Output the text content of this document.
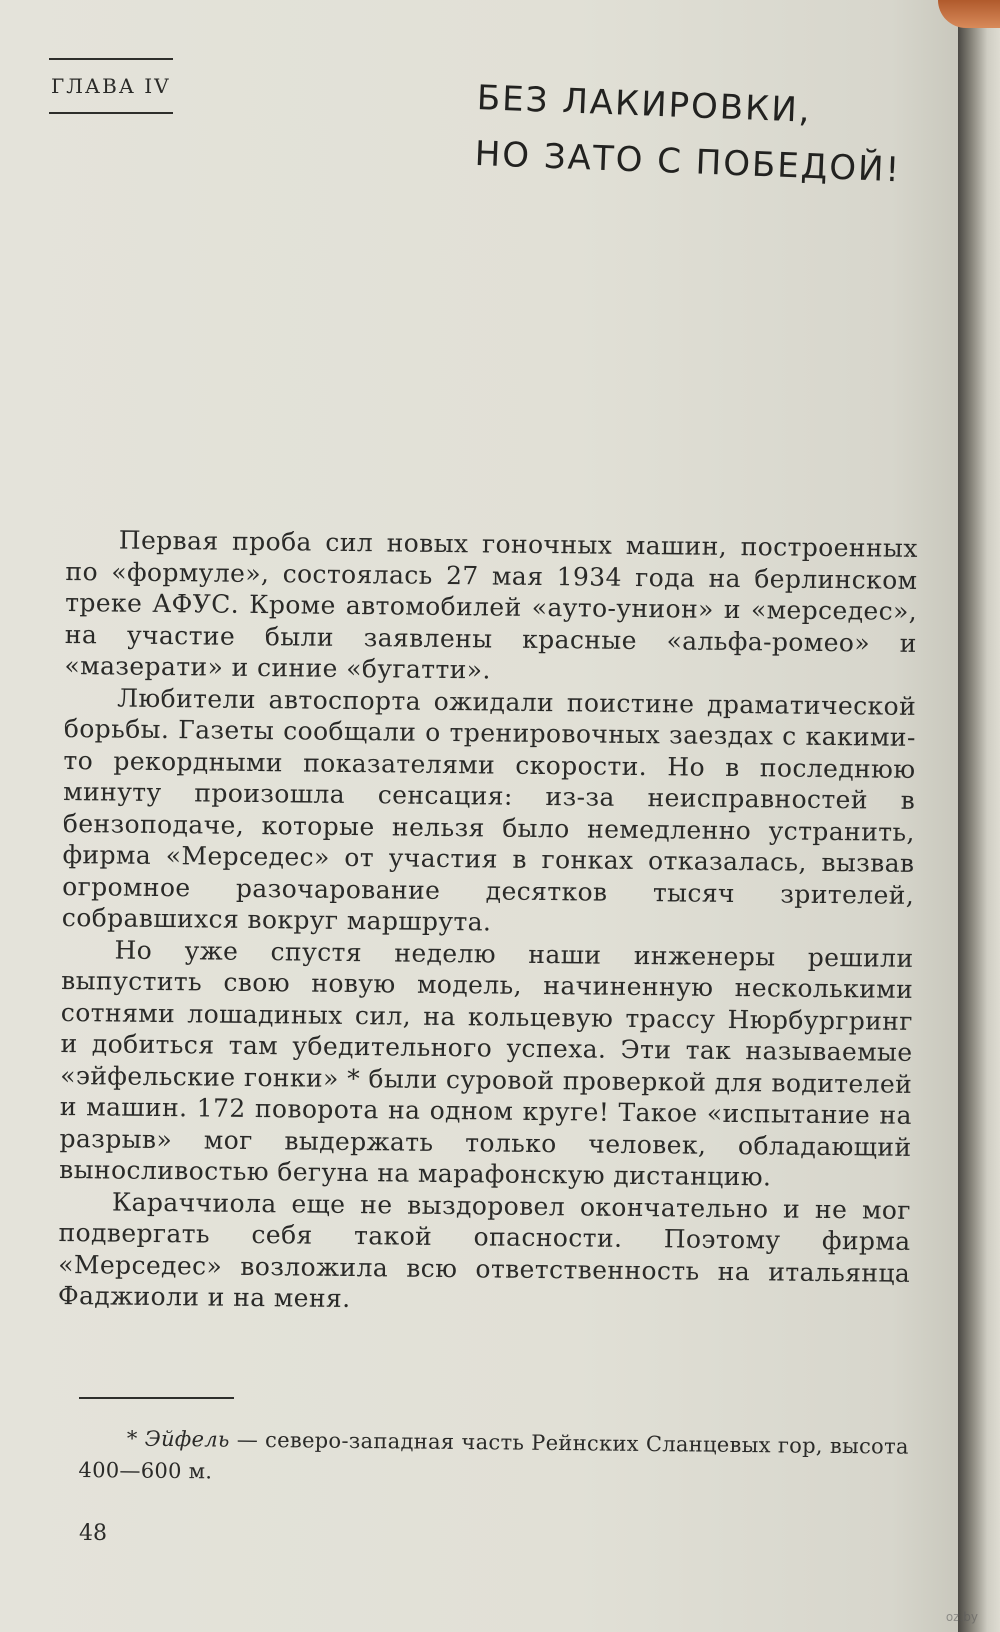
ГЛАВА IV	БЕЗ ЛАКИРОВКИ,
НО ЗАТО С ПОБЕДОЙ!

Первая проба сил новых гоночных машин, построенных по «формуле», состоялась 27 мая 1934 года на берлинском треке АФУС. Кроме автомобилей «ауто-унион» и «мерседес», на участие были заявлены красные «альфа-ромео» и «мазерати» и синие «бугатти».

Любители автоспорта ожидали поистине драматической борьбы. Газеты сообщали о тренировочных заездах с какими-то рекордными показателями скорости. Но в последнюю минуту произошла сенсация: из-за неисправностей в бензоподаче, которые нельзя было немедленно устранить, фирма «Мерседес» от участия в гонках отказалась, вызвав огромное разочарование десятков тысяч зрителей, собравшихся вокруг маршрута.

Но уже спустя неделю наши инженеры решили выпустить свою новую модель, начиненную несколькими сотнями лошадиных сил, на кольцевую трассу Нюрбургринг и добиться там убедительного успеха. Эти так называемые «эйфельские гонки» * были суровой проверкой для водителей и машин. 172 поворота на одном круге! Такое «испытание на разрыв» мог выдержать только человек, обладающий выносливостью бегуна на марафонскую дистанцию.

Караччиола еще не выздоровел окончательно и не мог подвергать себя такой опасности. Поэтому фирма «Мерседес» возложила всю ответственность на итальянца Фаджиоли и на меня.

* Эйфель — северо-западная часть Рейнских Сланцевых гор, высота 400—600 м.
48
oz.by
